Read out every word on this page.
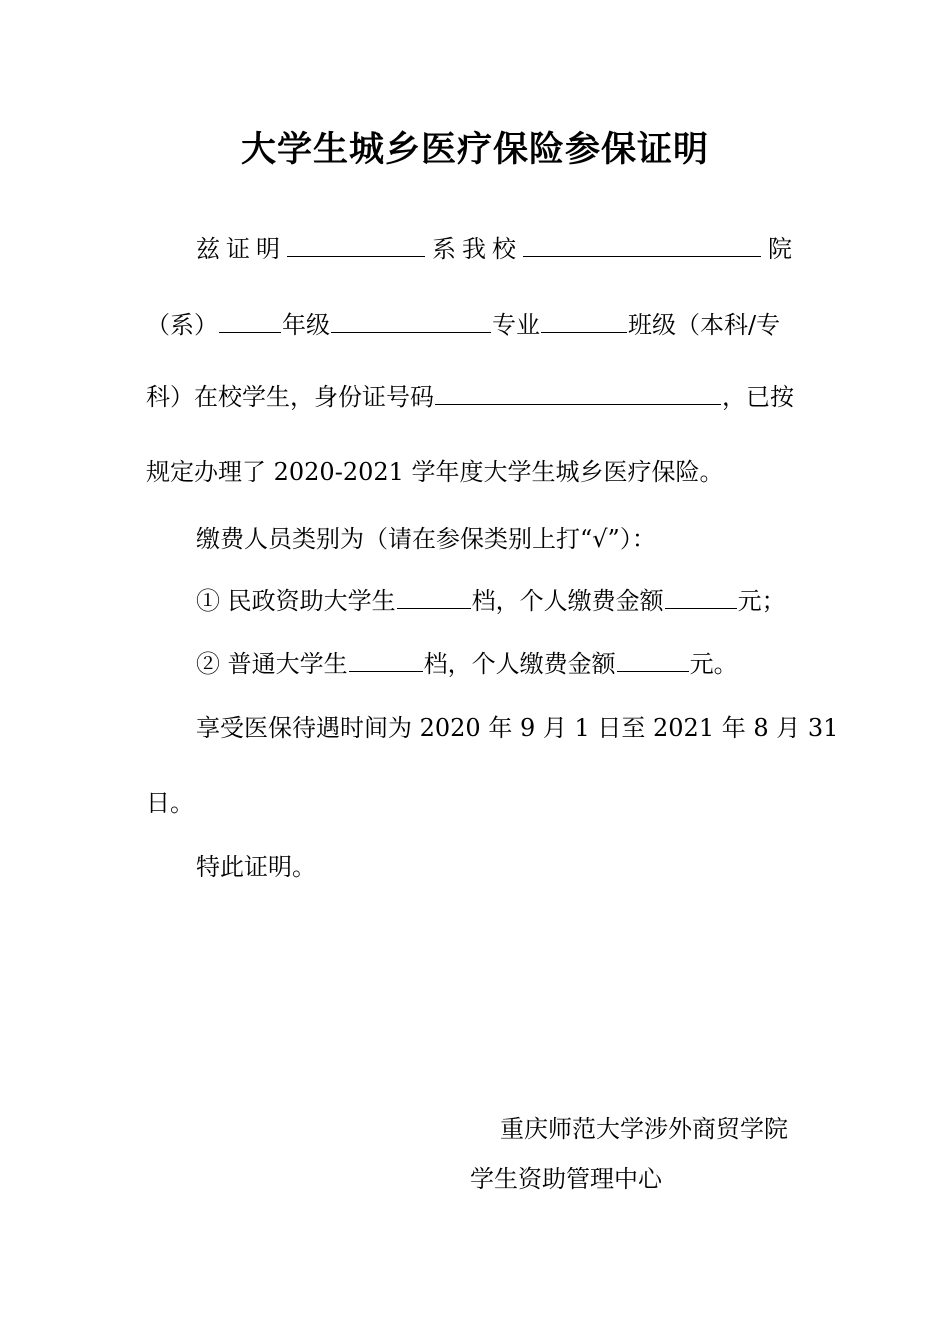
大学生城乡医疗保险参保证明
兹证明	系我校	院
（系）	年级	专业	班级（本科/专
科）在校学生，身份证号码	，已按
规定办理了 2020-2021 学年度大学生城乡医疗保险。
缴费人员类别为（请在参保类别上打“√”）：
① 民政资助大学生	档，个人缴费金额	元；
② 普通大学生	档，个人缴费金额	元。
享受医保待遇时间为 2020 年 9 月 1 日至 2021 年 8 月 31
日。
特此证明。
重庆师范大学涉外商贸学院
学生资助管理中心
